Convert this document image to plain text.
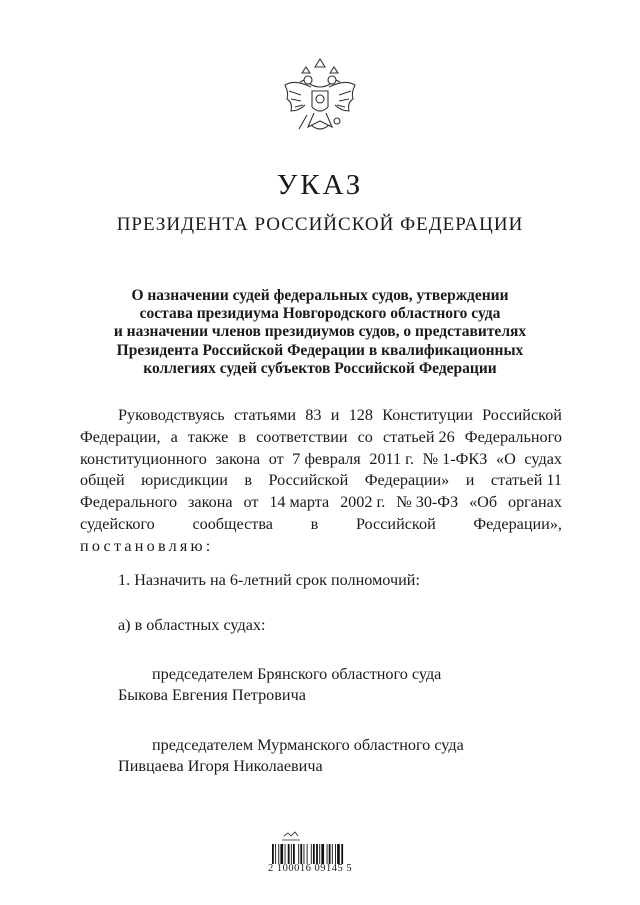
УКАЗ
ПРЕЗИДЕНТА РОССИЙСКОЙ ФЕДЕРАЦИИ
О назначении судей федеральных судов, утверждении
состава президиума Новгородского областного суда
и назначении членов президиумов судов, о представителях
Президента Российской Федерации в квалификационных
коллегиях судей субъектов Российской Федерации
Руководствуясь статьями 83 и 128 Конституции Российской
Федерации, а также в соответствии со статьей 26 Федерального
конституционного закона от 7 февраля 2011 г. № 1-ФКЗ «О судах
общей юрисдикции в Российской Федерации» и статьей 11
Федерального закона от 14 марта 2002 г. № 30-ФЗ «Об органах
судейского сообщества в Российской Федерации»,
постановляю:
1. Назначить на 6-летний срок полномочий:
а) в областных судах:
председателем Брянского областного суда
Быкова Евгения Петровича
председателем Мурманского областного суда
Пивцаева Игоря Николаевича
2 100016 09145 5
